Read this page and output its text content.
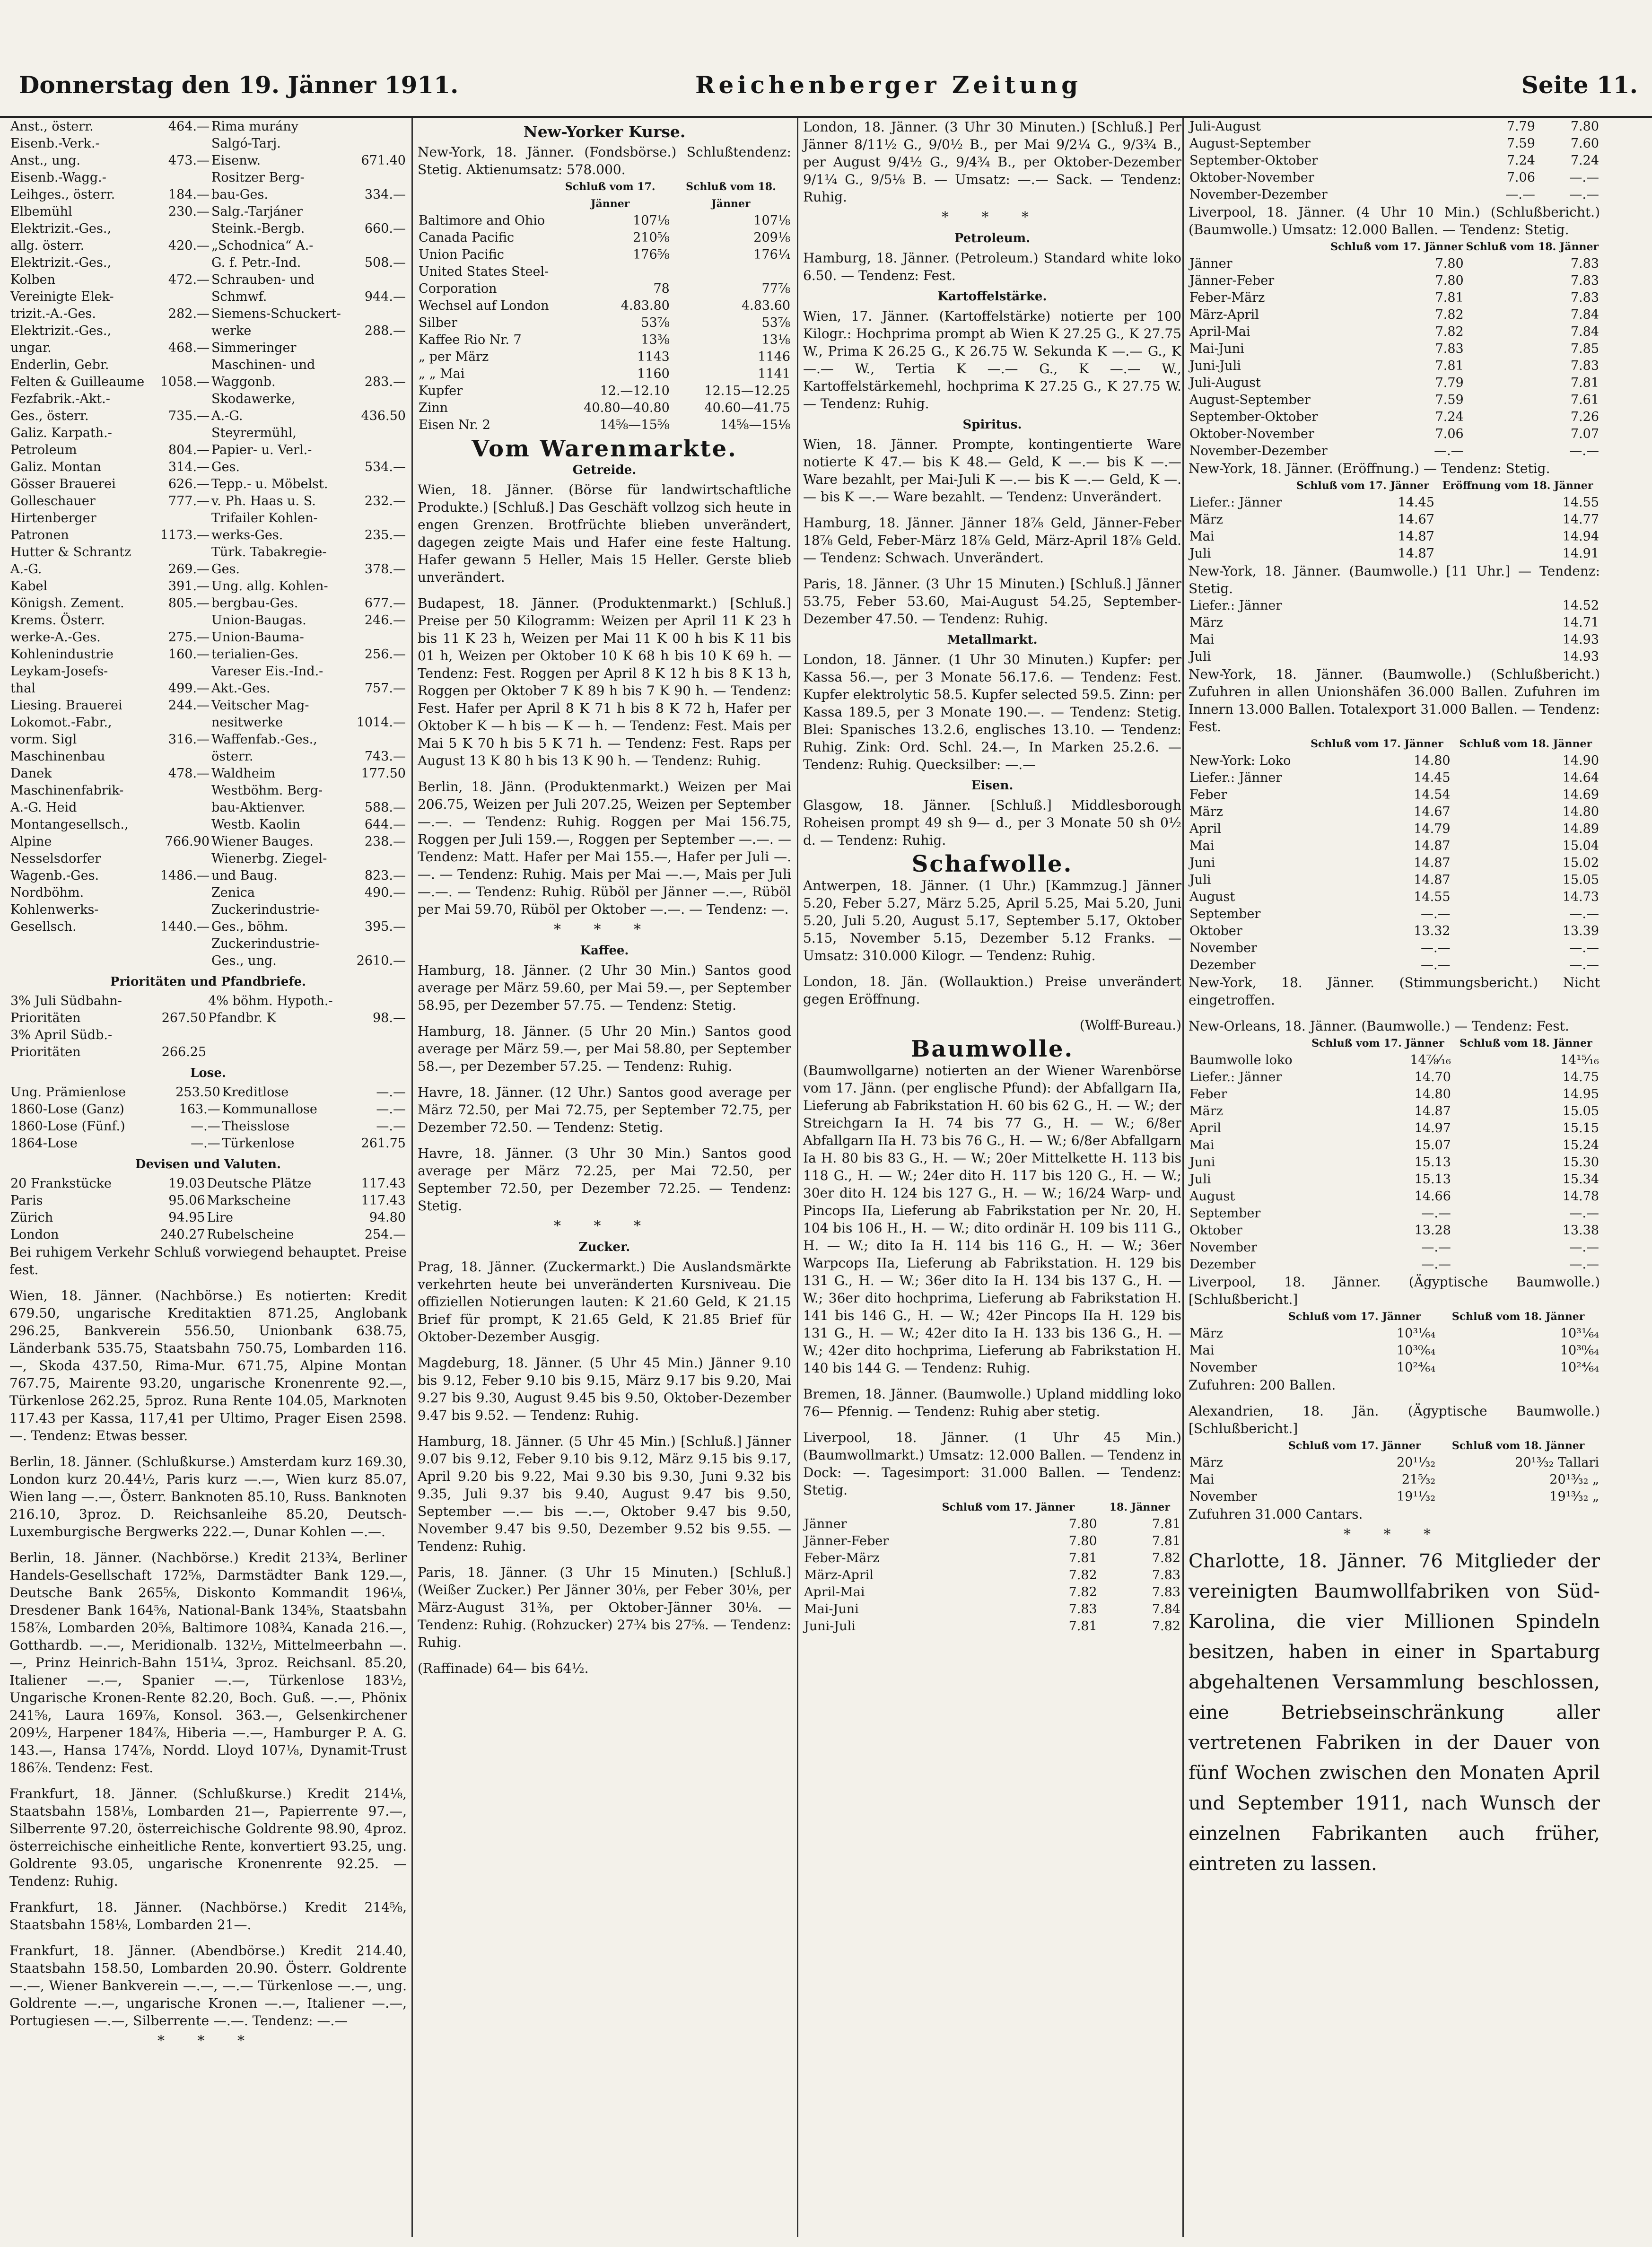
Donnerstag den 19. Jänner 1911.	Reichenberger Zeitung	Seite 11.
Anst., österr.	464.—	Rima murány	
Eisenb.-Verk.-		Salgó-Tarj.	
Anst., ung.	473.—	Eisenw.	671.40
Eisenb.-Wagg.-		Rositzer Berg-	
Leihges., österr.	184.—	bau-Ges.	334.—
Elbemühl	230.—	Salg.-Tarjáner	
Elektrizit.-Ges.,		Steink.-Bergb.	660.—
allg. österr.	420.—	„Schodnica“ A.-	
Elektrizit.-Ges.,		G. f. Petr.-Ind.	508.—
Kolben	472.—	Schrauben- und	
Vereinigte Elek-		Schmwf.	944.—
trizit.-A.-Ges.	282.—	Siemens-Schuckert-	
Elektrizit.-Ges.,		werke	288.—
ungar.	468.—	Simmeringer	
Enderlin, Gebr.		Maschinen- und	
Felten & Guilleaume	1058.—	Waggonb.	283.—
Fezfabrik.-Akt.-		Skodawerke,	
Ges., österr.	735.—	A.-G.	436.50
Galiz. Karpath.-		Steyrermühl,	
Petroleum	804.—	Papier- u. Verl.-	
Galiz. Montan	314.—	Ges.	534.—
Gösser Brauerei	626.—	Tepp.- u. Möbelst.	
Golleschauer	777.—	v. Ph. Haas u. S.	232.—
Hirtenberger		Trifailer Kohlen-	
Patronen	1173.—	werks-Ges.	235.—
Hutter & Schrantz		Türk. Tabakregie-	
A.-G.	269.—	Ges.	378.—
Kabel	391.—	Ung. allg. Kohlen-	
Königsh. Zement.	805.—	bergbau-Ges.	677.—
Krems. Österr.		Union-Baugas.	246.—
werke-A.-Ges.	275.—	Union-Bauma-	
Kohlenindustrie	160.—	terialien-Ges.	256.—
Leykam-Josefs-		Vareser Eis.-Ind.-	
thal	499.—	Akt.-Ges.	757.—
Liesing. Brauerei	244.—	Veitscher Mag-	
Lokomot.-Fabr.,		nesitwerke	1014.—
vorm. Sigl	316.—	Waffenfab.-Ges.,	
Maschinenbau		österr.	743.—
Danek	478.—	Waldheim	177.50
Maschinenfabrik-		Westböhm. Berg-	
A.-G. Heid		bau-Aktienver.	588.—
Montangesellsch.,		Westb. Kaolin	644.—
Alpine	766.90	Wiener Bauges.	238.—
Nesselsdorfer		Wienerbg. Ziegel-	
Wagenb.-Ges.	1486.—	und Baug.	823.—
Nordböhm.		Zenica	490.—
Kohlenwerks-		Zuckerindustrie-	
Gesellsch.	1440.—	Ges., böhm.	395.—
		Zuckerindustrie-	
		Ges., ung.	2610.—
Prioritäten und Pfandbriefe.
3% Juli Südbahn-		4% böhm. Hypoth.-	
Prioritäten	267.50	Pfandbr. K	98.—
3% April Südb.-			
Prioritäten	266.25		
Lose.
Ung. Prämienlose	253.50	Kreditlose	—.—
1860-Lose (Ganz)	163.—	Kommunallose	—.—
1860-Lose (Fünf.)	—.—	Theisslose	—.—
1864-Lose	—.—	Türkenlose	261.75
Devisen und Valuten.
20 Frankstücke	19.03	Deutsche Plätze	117.43
Paris	95.06	Markscheine	117.43
Zürich	94.95	Lire	94.80
London	240.27	Rubelscheine	254.—

Bei ruhigem Verkehr Schluß vorwiegend behauptet. Preise fest.

Wien, 18. Jänner. (Nachbörse.) Es notierten: Kredit 679.50, ungarische Kreditaktien 871.25, Anglobank 296.25, Bankverein 556.50, Unionbank 638.75, Länderbank 535.75, Staatsbahn 750.75, Lombarden 116.—, Skoda 437.50, Rima-Mur. 671.75, Alpine Montan 767.75, Mairente 93.20, ungarische Kronenrente 92.—, Türkenlose 262.25, 5proz. Runa Rente 104.05, Marknoten 117.43 per Kassa, 117,41 per Ultimo, Prager Eisen 2598.—. Tendenz: Etwas besser.

Berlin, 18. Jänner. (Schlußkurse.) Amsterdam kurz 169.30, London kurz 20.44½, Paris kurz —.—, Wien kurz 85.07, Wien lang —.—, Österr. Banknoten 85.10, Russ. Banknoten 216.10, 3proz. D. Reichsanleihe 85.20, Deutsch-Luxemburgische Bergwerks 222.—, Dunar Kohlen —.—.

Berlin, 18. Jänner. (Nachbörse.) Kredit 213¾, Berliner Handels-Gesellschaft 172⅝, Darmstädter Bank 129.—, Deutsche Bank 265⅝, Diskonto Kommandit 196⅛, Dresdener Bank 164⅝, National-Bank 134⅝, Staatsbahn 158⅞, Lombarden 20⅝, Baltimore 108¾, Kanada 216.—, Gotthardb. —.—, Meridionalb. 132½, Mittelmeerbahn —.—, Prinz Heinrich-Bahn 151¼, 3proz. Reichsanl. 85.20, Italiener —.—, Spanier —.—, Türkenlose 183½, Ungarische Kronen-Rente 82.20, Boch. Guß. —.—, Phönix 241⅝, Laura 169⅞, Konsol. 363.—, Gelsenkirchener 209½, Harpener 184⅞, Hiberia —.—, Hamburger P. A. G. 143.—, Hansa 174⅞, Nordd. Lloyd 107⅛, Dynamit-Trust 186⅞. Tendenz: Fest.

Frankfurt, 18. Jänner. (Schlußkurse.) Kredit 214⅛, Staatsbahn 158⅛, Lombarden 21—, Papierrente 97.—, Silberrente 97.20, österreichische Goldrente 98.90, 4proz. österreichische einheitliche Rente, konvertiert 93.25, ung. Goldrente 93.05, ungarische Kronenrente 92.25. — Tendenz: Ruhig.

Frankfurt, 18. Jänner. (Nachbörse.) Kredit 214⅝, Staatsbahn 158⅛, Lombarden 21—.

Frankfurt, 18. Jänner. (Abendbörse.) Kredit 214.40, Staatsbahn 158.50, Lombarden 20.90. Österr. Goldrente —.—, Wiener Bankverein —.—, —.— Türkenlose —.—, ung. Goldrente —.—, ungarische Kronen —.—, Italiener —.—, Portugiesen —.—, Silberrente —.—. Tendenz: —.—

* * *
New-Yorker Kurse.

New-York, 18. Jänner. (Fondsbörse.) Schlußtendenz: Stetig. Aktienumsatz: 578.000.

	Schluß vom 17. Jänner	Schluß vom 18. Jänner
Baltimore and Ohio	107⅛	107⅛
Canada Pacific	210⅝	209⅛
Union Pacific	176⅝	176¼
United States Steel-		
Corporation	78	77⅞
Wechsel auf London	4.83.80	4.83.60
Silber	53⅞	53⅞
Kaffee Rio Nr. 7	13⅜	13⅛
„ per März	1143	1146
„ „ Mai	1160	1141
Kupfer	12.—12.10	12.15—12.25
Zinn	40.80—40.80	40.60—41.75
Eisen Nr. 2	14⅝—15⅝	14⅝—15⅛
Vom Warenmarkte.
Getreide.

Wien, 18. Jänner. (Börse für landwirtschaftliche Produkte.) [Schluß.] Das Geschäft vollzog sich heute in engen Grenzen. Brotfrüchte blieben unverändert, dagegen zeigte Mais und Hafer eine feste Haltung. Hafer gewann 5 Heller, Mais 15 Heller. Gerste blieb unverändert.

Budapest, 18. Jänner. (Produktenmarkt.) [Schluß.] Preise per 50 Kilogramm: Weizen per April 11 K 23 h bis 11 K 23 h, Weizen per Mai 11 K 00 h bis K 11 bis 01 h, Weizen per Oktober 10 K 68 h bis 10 K 69 h. — Tendenz: Fest. Roggen per April 8 K 12 h bis 8 K 13 h, Roggen per Oktober 7 K 89 h bis 7 K 90 h. — Tendenz: Fest. Hafer per April 8 K 71 h bis 8 K 72 h, Hafer per Oktober K — h bis — K — h. — Tendenz: Fest. Mais per Mai 5 K 70 h bis 5 K 71 h. — Tendenz: Fest. Raps per August 13 K 80 h bis 13 K 90 h. — Tendenz: Ruhig.

Berlin, 18. Jänn. (Produktenmarkt.) Weizen per Mai 206.75, Weizen per Juli 207.25, Weizen per September —.—. — Tendenz: Ruhig. Roggen per Mai 156.75, Roggen per Juli 159.—, Roggen per September —.—. — Tendenz: Matt. Hafer per Mai 155.—, Hafer per Juli —.—. — Tendenz: Ruhig. Mais per Mai —.—, Mais per Juli —.—. — Tendenz: Ruhig. Rüböl per Jänner —.—, Rüböl per Mai 59.70, Rüböl per Oktober —.—. — Tendenz: —.

* * *
Kaffee.

Hamburg, 18. Jänner. (2 Uhr 30 Min.) Santos good average per März 59.60, per Mai 59.—, per September 58.95, per Dezember 57.75. — Tendenz: Stetig.

Hamburg, 18. Jänner. (5 Uhr 20 Min.) Santos good average per März 59.—, per Mai 58.80, per September 58.—, per Dezember 57.25. — Tendenz: Ruhig.

Havre, 18. Jänner. (12 Uhr.) Santos good average per März 72.50, per Mai 72.75, per September 72.75, per Dezember 72.50. — Tendenz: Stetig.

Havre, 18. Jänner. (3 Uhr 30 Min.) Santos good average per März 72.25, per Mai 72.50, per September 72.50, per Dezember 72.25. — Tendenz: Stetig.

* * *
Zucker.

Prag, 18. Jänner. (Zuckermarkt.) Die Auslandsmärkte verkehrten heute bei unveränderten Kursniveau. Die offiziellen Notierungen lauten: K 21.60 Geld, K 21.15 Brief für prompt, K 21.65 Geld, K 21.85 Brief für Oktober-Dezember Ausgig.

Magdeburg, 18. Jänner. (5 Uhr 45 Min.) Jänner 9.10 bis 9.12, Feber 9.10 bis 9.15, März 9.17 bis 9.20, Mai 9.27 bis 9.30, August 9.45 bis 9.50, Oktober-Dezember 9.47 bis 9.52. — Tendenz: Ruhig.

Hamburg, 18. Jänner. (5 Uhr 45 Min.) [Schluß.] Jänner 9.07 bis 9.12, Feber 9.10 bis 9.12, März 9.15 bis 9.17, April 9.20 bis 9.22, Mai 9.30 bis 9.30, Juni 9.32 bis 9.35, Juli 9.37 bis 9.40, August 9.47 bis 9.50, September —.— bis —.—, Oktober 9.47 bis 9.50, November 9.47 bis 9.50, Dezember 9.52 bis 9.55. — Tendenz: Ruhig.

Paris, 18. Jänner. (3 Uhr 15 Minuten.) [Schluß.] (Weißer Zucker.) Per Jänner 30⅛, per Feber 30⅛, per März-August 31⅜, per Oktober-Jänner 30⅛. — Tendenz: Ruhig. (Rohzucker) 27¾ bis 27⅝. — Tendenz: Ruhig.

(Raffinade) 64— bis 64½.

London, 18. Jänner. (3 Uhr 30 Minuten.) [Schluß.] Per Jänner 8/11½ G., 9/0½ B., per Mai 9/2¼ G., 9/3¾ B., per August 9/4½ G., 9/4¾ B., per Oktober-Dezember 9/1¼ G., 9/5⅛ B. — Umsatz: —.— Sack. — Tendenz: Ruhig.

* * *
Petroleum.

Hamburg, 18. Jänner. (Petroleum.) Standard white loko 6.50. — Tendenz: Fest.

Kartoffelstärke.

Wien, 17. Jänner. (Kartoffelstärke) notierte per 100 Kilogr.: Hochprima prompt ab Wien K 27.25 G., K 27.75 W., Prima K 26.25 G., K 26.75 W. Sekunda K —.— G., K —.— W., Tertia K —.— G., K —.— W., Kartoffelstärkemehl, hochprima K 27.25 G., K 27.75 W. — Tendenz: Ruhig.

Spiritus.

Wien, 18. Jänner. Prompte, kontingentierte Ware notierte K 47.— bis K 48.— Geld, K —.— bis K —.— Ware bezahlt, per Mai-Juli K —.— bis K —.— Geld, K —.— bis K —.— Ware bezahlt. — Tendenz: Unverändert.

Hamburg, 18. Jänner. Jänner 18⅞ Geld, Jänner-Feber 18⅞ Geld, Feber-März 18⅞ Geld, März-April 18⅞ Geld. — Tendenz: Schwach. Unverändert.

Paris, 18. Jänner. (3 Uhr 15 Minuten.) [Schluß.] Jänner 53.75, Feber 53.60, Mai-August 54.25, September-Dezember 47.50. — Tendenz: Ruhig.

Metallmarkt.

London, 18. Jänner. (1 Uhr 30 Minuten.) Kupfer: per Kassa 56.—, per 3 Monate 56.17.6. — Tendenz: Fest. Kupfer elektrolytic 58.5. Kupfer selected 59.5. Zinn: per Kassa 189.5, per 3 Monate 190.—. — Tendenz: Stetig. Blei: Spanisches 13.2.6, englisches 13.10. — Tendenz: Ruhig. Zink: Ord. Schl. 24.—, In Marken 25.2.6. — Tendenz: Ruhig. Quecksilber: —.—

Eisen.

Glasgow, 18. Jänner. [Schluß.] Middlesborough Roheisen prompt 49 sh 9— d., per 3 Monate 50 sh 0½ d. — Tendenz: Ruhig.

Schafwolle.

Antwerpen, 18. Jänner. (1 Uhr.) [Kammzug.] Jänner 5.20, Feber 5.27, März 5.25, April 5.25, Mai 5.20, Juni 5.20, Juli 5.20, August 5.17, September 5.17, Oktober 5.15, November 5.15, Dezember 5.12 Franks. — Umsatz: 310.000 Kilogr. — Tendenz: Ruhig.

London, 18. Jän. (Wollauktion.) Preise unverändert gegen Eröffnung.

(Wolff-Bureau.)

Baumwolle.

(Baumwollgarne) notierten an der Wiener Warenbörse vom 17. Jänn. (per englische Pfund): der Abfallgarn IIa, Lieferung ab Fabrikstation H. 60 bis 62 G., H. — W.; der Streichgarn Ia H. 74 bis 77 G., H. — W.; 6/8er Abfallgarn IIa H. 73 bis 76 G., H. — W.; 6/8er Abfallgarn Ia H. 80 bis 83 G., H. — W.; 20er Mittelkette H. 113 bis 118 G., H. — W.; 24er dito H. 117 bis 120 G., H. — W.; 30er dito H. 124 bis 127 G., H. — W.; 16/24 Warp- und Pincops IIa, Lieferung ab Fabrikstation per Nr. 20, H. 104 bis 106 H., H. — W.; dito ordinär H. 109 bis 111 G., H. — W.; dito Ia H. 114 bis 116 G., H. — W.; 36er Warpcops IIa, Lieferung ab Fabrikstation. H. 129 bis 131 G., H. — W.; 36er dito Ia H. 134 bis 137 G., H. — W.; 36er dito hochprima, Lieferung ab Fabrikstation H. 141 bis 146 G., H. — W.; 42er Pincops IIa H. 129 bis 131 G., H. — W.; 42er dito Ia H. 133 bis 136 G., H. — W.; 42er dito hochprima, Lieferung ab Fabrikstation H. 140 bis 144 G. — Tendenz: Ruhig.

Bremen, 18. Jänner. (Baumwolle.) Upland middling loko 76— Pfennig. — Tendenz: Ruhig aber stetig.

Liverpool, 18. Jänner. (1 Uhr 45 Min.) (Baumwollmarkt.) Umsatz: 12.000 Ballen. — Tendenz in Dock: —. Tagesimport: 31.000 Ballen. — Tendenz: Stetig.

	Schluß vom 17. Jänner	18. Jänner
Jänner	7.80	7.81
Jänner-Feber	7.80	7.81
Feber-März	7.81	7.82
März-April	7.82	7.83
April-Mai	7.82	7.83
Mai-Juni	7.83	7.84
Juni-Juli	7.81	7.82
Juli-August	7.79	7.80
August-September	7.59	7.60
September-Oktober	7.24	7.24
Oktober-November	7.06	—.—
November-Dezember	—.—	—.—

Liverpool, 18. Jänner. (4 Uhr 10 Min.) (Schlußbericht.) (Baumwolle.) Umsatz: 12.000 Ballen. — Tendenz: Stetig.

	Schluß vom 17. Jänner	Schluß vom 18. Jänner
Jänner	7.80	7.83
Jänner-Feber	7.80	7.83
Feber-März	7.81	7.83
März-April	7.82	7.84
April-Mai	7.82	7.84
Mai-Juni	7.83	7.85
Juni-Juli	7.81	7.83
Juli-August	7.79	7.81
August-September	7.59	7.61
September-Oktober	7.24	7.26
Oktober-November	7.06	7.07
November-Dezember	—.—	—.—

New-York, 18. Jänner. (Eröffnung.) — Tendenz: Stetig.

	Schluß vom 17. Jänner	Eröffnung vom 18. Jänner
Liefer.: Jänner	14.45	14.55
März	14.67	14.77
Mai	14.87	14.94
Juli	14.87	14.91

New-York, 18. Jänner. (Baumwolle.) [11 Uhr.] — Tendenz: Stetig.

Liefer.: Jänner		14.52
März		14.71
Mai		14.93
Juli		14.93

New-York, 18. Jänner. (Baumwolle.) (Schlußbericht.) Zufuhren in allen Unionshäfen 36.000 Ballen. Zufuhren im Innern 13.000 Ballen. Totalexport 31.000 Ballen. — Tendenz: Fest.

	Schluß vom 17. Jänner	Schluß vom 18. Jänner
New-York: Loko	14.80	14.90
Liefer.: Jänner	14.45	14.64
Feber	14.54	14.69
März	14.67	14.80
April	14.79	14.89
Mai	14.87	15.04
Juni	14.87	15.02
Juli	14.87	15.05
August	14.55	14.73
September	—.—	—.—
Oktober	13.32	13.39
November	—.—	—.—
Dezember	—.—	—.—

New-York, 18. Jänner. (Stimmungsbericht.) Nicht eingetroffen.

New-Orleans, 18. Jänner. (Baumwolle.) — Tendenz: Fest.

	Schluß vom 17. Jänner	Schluß vom 18. Jänner
Baumwolle loko	14⅞⁄₁₆	14¹⁵⁄₁₆
Liefer.: Jänner	14.70	14.75
Feber	14.80	14.95
März	14.87	15.05
April	14.97	15.15
Mai	15.07	15.24
Juni	15.13	15.30
Juli	15.13	15.34
August	14.66	14.78
September	—.—	—.—
Oktober	13.28	13.38
November	—.—	—.—
Dezember	—.—	—.—

Liverpool, 18. Jänner. (Ägyptische Baumwolle.) [Schlußbericht.]

	Schluß vom 17. Jänner	Schluß vom 18. Jänner
März	10³¹⁄₆₄	10³¹⁄₆₄
Mai	10³⁰⁄₆₄	10³⁰⁄₆₄
November	10²⁴⁄₆₄	10²⁴⁄₆₄

Zufuhren: 200 Ballen.

Alexandrien, 18. Jän. (Ägyptische Baumwolle.) [Schlußbericht.]

	Schluß vom 17. Jänner	Schluß vom 18. Jänner
März	20¹¹⁄₃₂	20¹³⁄₃₂ Tallari
Mai	21⁵⁄₃₂	20¹³⁄₃₂ „
November	19¹¹⁄₃₂	19¹³⁄₃₂ „

Zufuhren 31.000 Cantars.

* * *

Charlotte, 18. Jänner. 76 Mitglieder der vereinigten Baumwollfabriken von Süd-Karolina, die vier Millionen Spindeln besitzen, haben in einer in Spartaburg abgehaltenen Versammlung beschlossen, eine Betriebseinschränkung aller vertretenen Fabriken in der Dauer von fünf Wochen zwischen den Monaten April und September 1911, nach Wunsch der einzelnen Fabrikanten auch früher, eintreten zu lassen.
